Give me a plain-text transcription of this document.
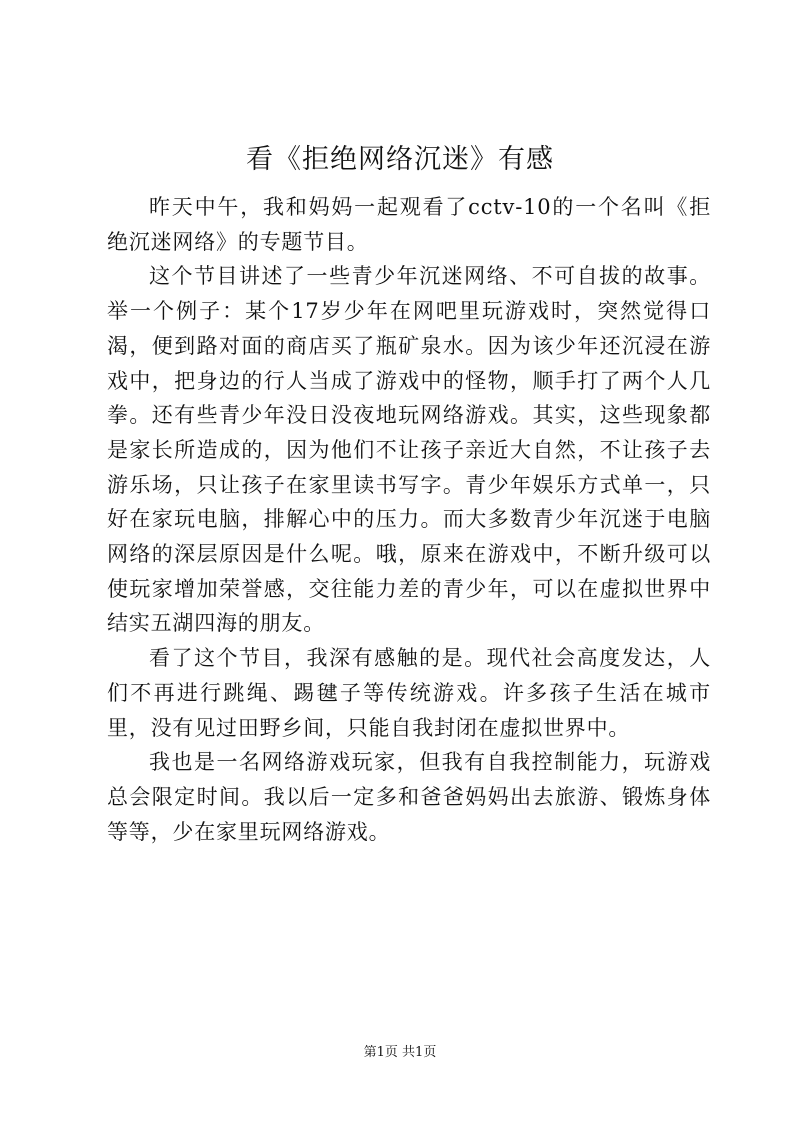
看《拒绝网络沉迷》有感

昨天中午，我和妈妈一起观看了cctv-10的一个名叫《拒绝沉迷网络》的专题节目。

这个节目讲述了一些青少年沉迷网络、不可自拔的故事。举一个例子：某个17岁少年在网吧里玩游戏时，突然觉得口渴，便到路对面的商店买了瓶矿泉水。因为该少年还沉浸在游戏中，把身边的行人当成了游戏中的怪物，顺手打了两个人几拳。还有些青少年没日没夜地玩网络游戏。其实，这些现象都是家长所造成的，因为他们不让孩子亲近大自然，不让孩子去游乐场，只让孩子在家里读书写字。青少年娱乐方式单一，只好在家玩电脑，排解心中的压力。而大多数青少年沉迷于电脑网络的深层原因是什么呢。哦，原来在游戏中，不断升级可以使玩家增加荣誉感，交往能力差的青少年，可以在虚拟世界中结实五湖四海的朋友。

看了这个节目，我深有感触的是。现代社会高度发达，人们不再进行跳绳、踢毽子等传统游戏。许多孩子生活在城市里，没有见过田野乡间，只能自我封闭在虚拟世界中。

我也是一名网络游戏玩家，但我有自我控制能力，玩游戏总会限定时间。我以后一定多和爸爸妈妈出去旅游、锻炼身体等等，少在家里玩网络游戏。

第1页 共1页
